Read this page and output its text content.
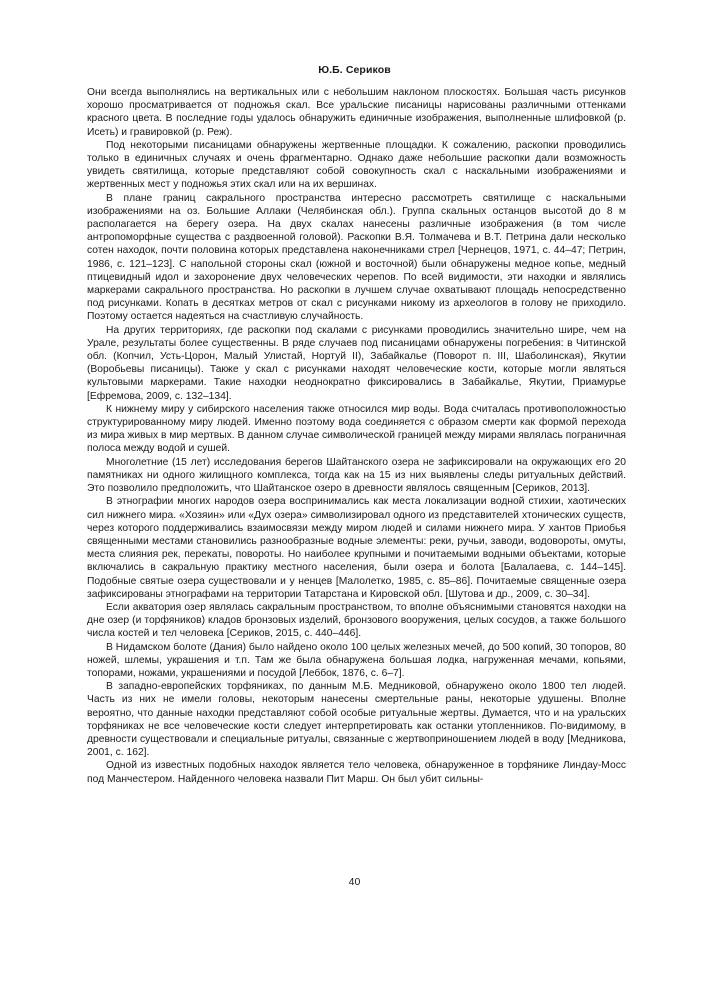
Ю.Б. Сериков

Они всегда выполнялись на вертикальных или с небольшим наклоном плоскостях. Большая часть рисунков хорошо просматривается от подножья скал. Все уральские писаницы нарисованы различными оттенками красного цвета. В последние годы удалось обнаружить единичные изображения, выполненные шлифовкой (р. Исеть) и гравировкой (р. Реж).

Под некоторыми писаницами обнаружены жертвенные площадки. К сожалению, раскопки проводились только в единичных случаях и очень фрагментарно. Однако даже небольшие раскопки дали возможность увидеть святилища, которые представляют собой совокупность скал с наскальными изображениями и жертвенных мест у подножья этих скал или на их вершинах.

В плане границ сакрального пространства интересно рассмотреть святилище с наскальными изображениями на оз. Большие Аллаки (Челябинская обл.). Группа скальных останцов высотой до 8 м располагается на берегу озера. На двух скалах нанесены различные изображения (в том числе антропоморфные существа с раздвоенной головой). Раскопки В.Я. Толмачева и В.Т. Петрина дали несколько сотен находок, почти половина которых представлена наконечниками стрел [Чернецов, 1971, с. 44–47; Петрин, 1986, с. 121–123]. С напольной стороны скал (южной и восточной) были обнаружены медное копье, медный птицевидный идол и захоронение двух человеческих черепов. По всей видимости, эти находки и являлись маркерами сакрального пространства. Но раскопки в лучшем случае охватывают площадь непосредственно под рисунками. Копать в десятках метров от скал с рисунками никому из археологов в голову не приходило. Поэтому остается надеяться на счастливую случайность.

На других территориях, где раскопки под скалами с рисунками проводились значительно шире, чем на Урале, результаты более существенны. В ряде случаев под писаницами обнаружены погребения: в Читинской обл. (Копчил, Усть-Цорон, Малый Улистай, Нортуй II), Забайкалье (Поворот п. III, Шаболинская), Якутии (Воробьевы писаницы). Также у скал с рисунками находят человеческие кости, которые могли являться культовыми маркерами. Такие находки неоднократно фиксировались в Забайкалье, Якутии, Приамурье [Ефремова, 2009, с. 132–134].

К нижнему миру у сибирского населения также относился мир воды. Вода считалась противоположностью структурированному миру людей. Именно поэтому вода соединяется с образом смерти как формой перехода из мира живых в мир мертвых. В данном случае символической границей между мирами являлась пограничная полоса между водой и сушей.

Многолетние (15 лет) исследования берегов Шайтанского озера не зафиксировали на окружающих его 20 памятниках ни одного жилищного комплекса, тогда как на 15 из них выявлены следы ритуальных действий. Это позволило предположить, что Шайтанское озеро в древности являлось священным [Сериков, 2013].

В этнографии многих народов озера воспринимались как места локализации водной стихии, хаотических сил нижнего мира. «Хозяин» или «Дух озера» символизировал одного из представителей хтонических существ, через которого поддерживались взаимосвязи между миром людей и силами нижнего мира. У хантов Приобья священными местами становились разнообразные водные элементы: реки, ручьи, заводи, водовороты, омуты, места слияния рек, перекаты, повороты. Но наиболее крупными и почитаемыми водными объектами, которые включались в сакральную практику местного населения, были озера и болота [Балалаева, с. 144–145]. Подобные святые озера существовали и у ненцев [Малолетко, 1985, с. 85–86]. Почитаемые священные озера зафиксированы этнографами на территории Татарстана и Кировской обл. [Шутова и др., 2009, с. 30–34].

Если акватория озер являлась сакральным пространством, то вполне объяснимыми становятся находки на дне озер (и торфяников) кладов бронзовых изделий, бронзового вооружения, целых сосудов, а также большого числа костей и тел человека [Сериков, 2015, с. 440–446].

В Нидамском болоте (Дания) было найдено около 100 целых железных мечей, до 500 копий, 30 топоров, 80 ножей, шлемы, украшения и т.п. Там же была обнаружена большая лодка, нагруженная мечами, копьями, топорами, ножами, украшениями и посудой [Леббок, 1876, с. 6–7].

В западно-европейских торфяниках, по данным М.Б. Медниковой, обнаружено около 1800 тел людей. Часть из них не имели головы, некоторым нанесены смертельные раны, некоторые удушены. Вполне вероятно, что данные находки представляют собой особые ритуальные жертвы. Думается, что и на уральских торфяниках не все человеческие кости следует интерпретировать как останки утопленников. По-видимому, в древности существовали и специальные ритуалы, связанные с жертвоприношением людей в воду [Медникова, 2001, с. 162].

Одной из известных подобных находок является тело человека, обнаруженное в торфянике Линдау-Мосс под Манчестером. Найденного человека назвали Пит Марш. Он был убит сильны-

40
